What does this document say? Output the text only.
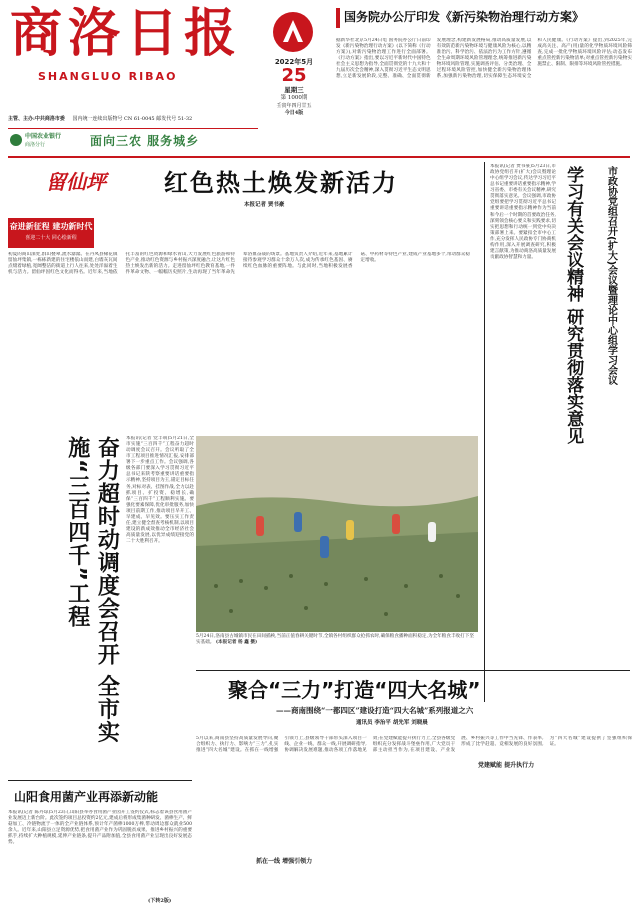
商洛日报
SHANGLUO RIBAO
2022年5月
25
星期三
第 1000期
壬寅年四月廿五
今日4版
主管、主办:中共商洛市委 国内统一连续出版物号 CN 61-0045 邮发代号 51-32
中国农业银行
商洛分行	面向三农 服务城乡
国务院办公厅印发《新污染物治理行动方案》
据新华社北京5月24日电 国务院办公厅日前印发《新污染物治理行动方案》(以下简称《行动方案》),对新污染物治理工作进行全面部署。《行动方案》指出,要以习近平新时代中国特色社会主义思想为指导,全面贯彻党的十九大和十九届历次全会精神,深入贯彻习近平生态文明思想,立足新发展阶段,完整、准确、全面贯彻新发展理念,构建新发展格局,推动高质量发展,以有效防范新污染物环境与健康风险为核心,以精准治污、科学治污、依法治污为工作方针,遵循全生命周期环境风险管理理念,统筹推进新污染物环境风险管理,实施调查评估、分类治理、全过程环境风险管控,加快健全新污染物治理体系,加强新污染物治理,切实保障生态环境安全和人民健康。《行动方案》提出,到2025年,完成高关注、高产(用)量的化学物质环境风险筛查,完成一批化学物质环境风险评估;动态发布重点管控新污染物清单;对重点管控新污染物实施禁止、限制、限排等环境风险管控措施。
留仙坪 红色热土焕发新活力
本报记者 贾书豪
奋进新征程 建功新时代
喜迎二十大 同心绘新程
初夏的商山深处,群山叠翠,流水潺潺。在丹凤县棣花镇留仙坪集镇,一栋栋新建的住宅楼依山而建,白墙灰瓦间点缀着绿植,宽阔整洁的街道上行人往来,处处洋溢着生机与活力。留仙坪因红色文化而得名。近年来,当地依托丰富的红色资源和绿水青山,大力发展红色旅游和特色产业,推动红色资源与乡村振兴深度融合,让这片红色热土焕发出新的活力。走进留仙坪红色教育基地,一件件革命文物、一幅幅历史照片,生动再现了当年革命先辈浴血奋战的场景。基地负责人介绍,近年来,基地累计接待参观学习群众十余万人次,成为传承红色基因、赓续红色血脉的重要阵地。与此同时,当地积极发展香菇、中药材等特色产业,建成产业基地多个,带动群众稳定增收。
奋力超时动调度会召开 全市实施“三百四千”工程	本报讯(记者 党丰萌)5月21日,全市实施“三百四千”工程奋力超时动调度会议召开。会议听取了全市工程项目推进情况汇报,安排部署下一步重点工作。会议强调,各级各部门要深入学习贯彻习近平总书记来陕考察重要讲话重要指示精神,坚持项目为王,锚定目标任务,对标对表、挂图作战,全力以赴抓项目、扩投资、稳增长,确保“三百四千”工程顺利实施。要强化要素保障,优化审批服务,加快项目前期工作,推动项目早开工、早建成、早见效。要压实工作责任,建立健全督查考核机制,以项目建设的新成效推动全市经济社会高质量发展,以优异成绩迎接党的二十大胜利召开。
5月24日,洛南县古城镇市民在田间插秧,当前正值春耕关键时节,全镇各村组织群众抢抓农时,确保粮食播种面积稳定,为全年粮食丰收打下坚实基础。 (本报记者 杨 鑫 摄)
本报讯(记者 贾书豪)5月23日,市政协党组召开(扩大)会议暨理论中心组学习会议,传达学习习近平总书记重要讲话重要指示精神,学习省委、市委有关会议精神,研究贯彻落实意见。会议强调,市政协党组要把学习贯彻习近平总书记重要讲话重要指示精神作为当前和今后一个时期的首要政治任务,深刻领会核心要义和实践要求,切实把思想和行动统一到党中央决策部署上来。要紧扣全市中心工作,充分发挥人民政协专门协商机构作用,深入开展调查研究,积极建言献策,为推动商洛高质量发展贡献政协智慧和力量。	市政协党组召开(扩大)会议暨理论中心组学习会议
学习有关会议精神 研究贯彻落实意见
聚合“三力”打造“四大名城”
——商南围绕“一都四区”建设打造“四大名城”系列报道之六
通讯员 李治平 胡先军 刘晓晨
抓在一线 增强引领力
党建赋能 提升执行力
5月以来,商南县坚持高质量发展导向,聚合组织力、执行力、影响力“三力”,扎实推进“四大名城”建设。在抓在一线增强引领力上,县级领导干部带头深入项目一线、企业一线、群众一线,开展调研指导,协调解决发展难题,推动各项工作落地见效;在党建赋能提升执行力上,全县各级党组织充分发挥战斗堡垒作用,广大党员干部主动担当作为,在项目建设、产业发展、乡村振兴等工作中当先锋、作表率,形成了比学赶超、竞相发展的良好氛围,为“四大名城”建设提供了坚强组织保证。
山阳食用菌产业再添新动能
本报讯(记者 陈丹琼)5月23日,山阳县举办食用菌产业园开工签约仪式,标志着该县食用菌产业发展迈上新台阶。此次签约项目总投资约2亿元,建成后将形成集菌种研发、菌棒生产、鲜菇加工、冷链物流于一体的全产业链体系,预计年产菌棒1000万棒,带动周边群众就业500余人。近年来,山阳县立足资源优势,把食用菌产业作为巩固脱贫成果、推进乡村振兴的重要抓手,持续扩大种植规模,延伸产业链条,提升产品附加值,全县食用菌产业呈现出良好发展态势。
(下转2版)
